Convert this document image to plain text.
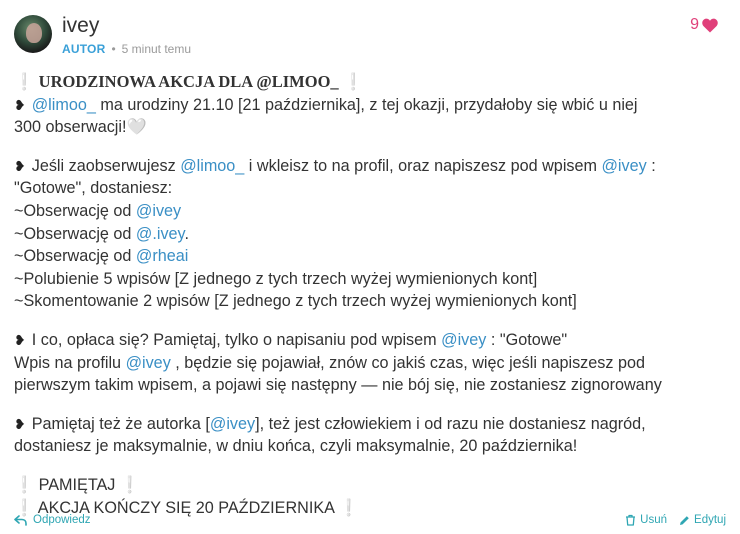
ivey
AUTOR • 5 minut temu
9

❕ URODZINOWA AKCJA DLA @LIMOO_ ❕

❥ @limoo_ ma urodziny 21.10 [21 października], z tej okazji, przydałoby się wbić u niej

300 obserwacji!🤍

❥ Jeśli zaobserwujesz @limoo_ i wkleisz to na profil, oraz napiszesz pod wpisem @ivey :

"Gotowe", dostaniesz:

~Obserwację od @ivey

~Obserwację od @.ivey.

~Obserwację od @rheai

~Polubienie 5 wpisów [Z jednego z tych trzech wyżej wymienionych kont]

~Skomentowanie 2 wpisów [Z jednego z tych trzech wyżej wymienionych kont]

❥ I co, opłaca się? Pamiętaj, tylko o napisaniu pod wpisem @ivey : "Gotowe"

Wpis na profilu @ivey , będzie się pojawiał, znów co jakiś czas, więc jeśli napiszesz pod

pierwszym takim wpisem, a pojawi się następny — nie bój się, nie zostaniesz zignorowany

❥ Pamiętaj też że autorka [@ivey], też jest człowiekiem i od razu nie dostaniesz nagród,

dostaniesz je maksymalnie, w dniu końca, czyli maksymalnie, 20 października!

❕ PAMIĘTAJ ❕

❕ AKCJA KOŃCZY SIĘ 20 PAŹDZIERNIKA ❕

Odpowiedz	Usuń Edytuj
